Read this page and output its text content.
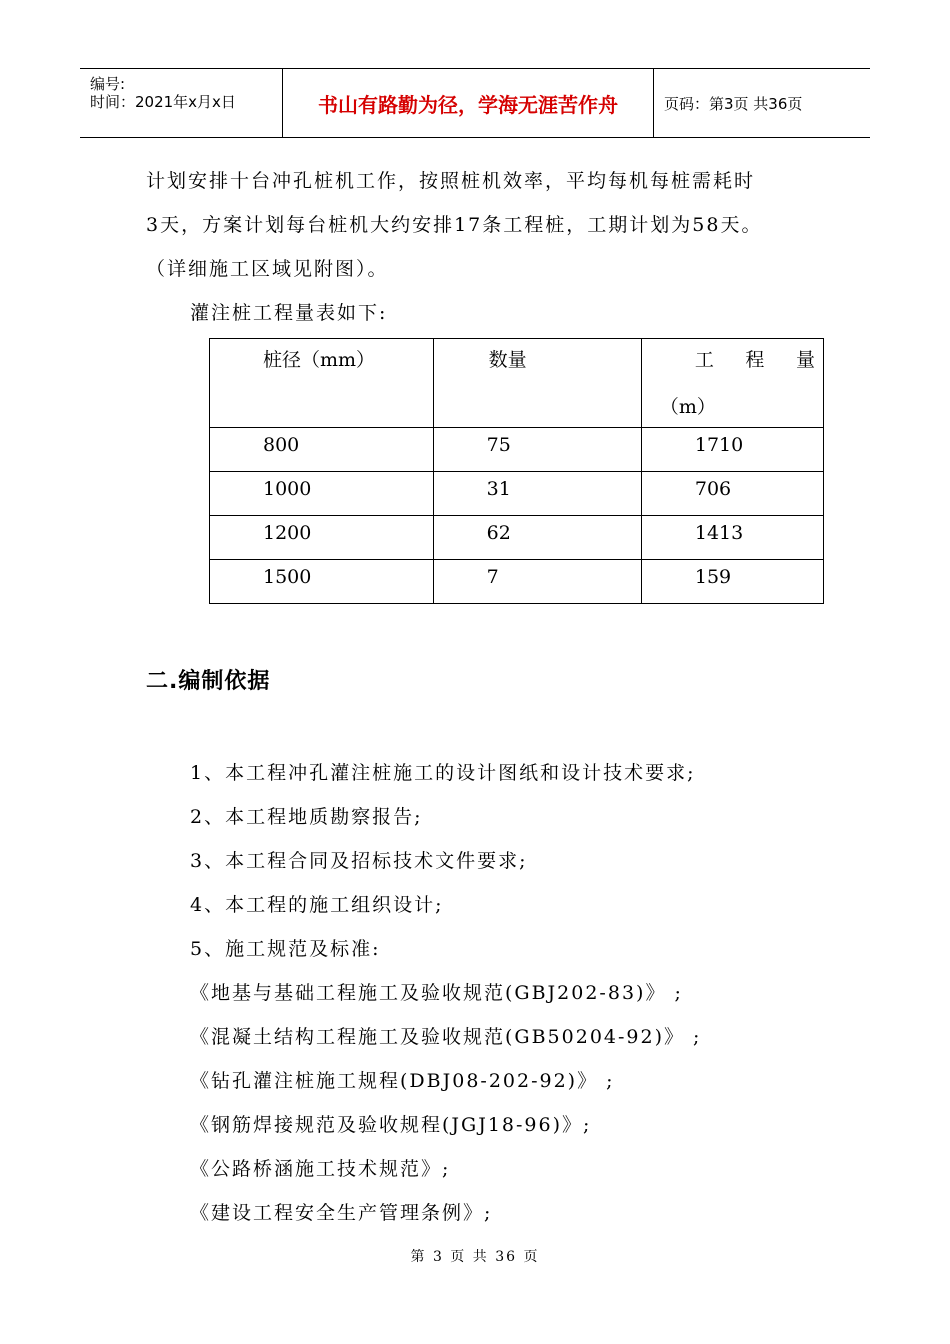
编号:
时间：2021年x月x日	书山有路勤为径，学海无涯苦作舟	页码：第3页 共36页
计划安排十台冲孔桩机工作，按照桩机效率，平均每机每桩需耗时
3天，方案计划每台桩机大约安排17条工程桩，工期计划为58天。
（详细施工区域见附图）。
灌注桩工程量表如下:
桩径（mm）	数量	工 程 量
（m）

800	75	1710

1000	31	706

1200	62	1413

1500	7	159
二.编制依据
1、本工程冲孔灌注桩施工的设计图纸和设计技术要求;
2、本工程地质勘察报告;
3、本工程合同及招标技术文件要求;
4、本工程的施工组织设计;
5、施工规范及标准:
《地基与基础工程施工及验收规范(GBJ202-83)》 ;
《混凝土结构工程施工及验收规范(GB50204-92)》 ;
《钻孔灌注桩施工规程(DBJ08-202-92)》 ;
《钢筋焊接规范及验收规程(JGJ18-96)》;
《公路桥涵施工技术规范》;
《建设工程安全生产管理条例》;
第 3 页 共 36 页
